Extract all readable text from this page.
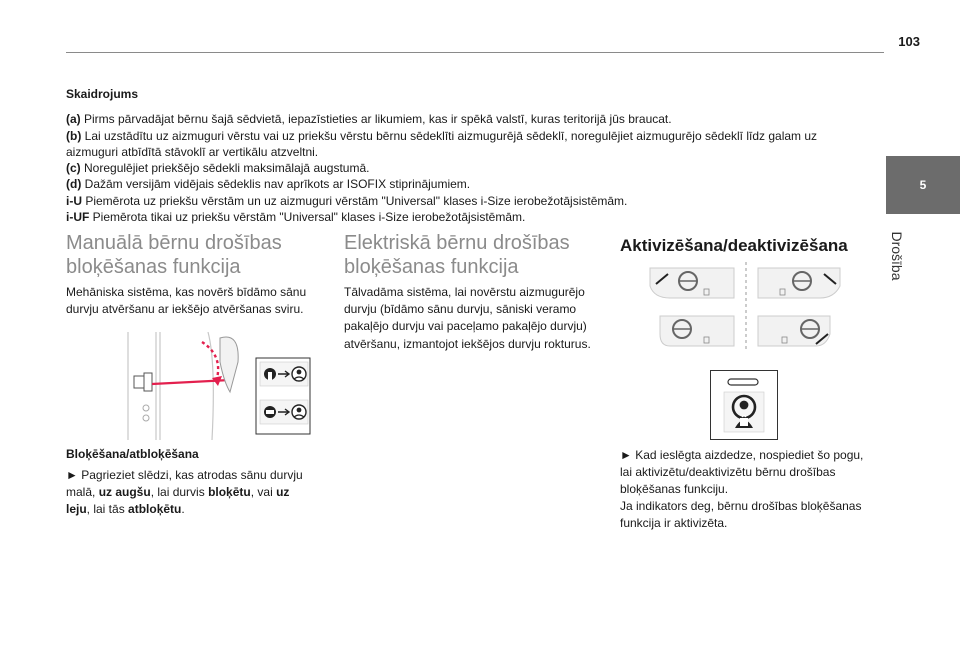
103
5
Drošība
Skaidrojums

(a) Pirms pārvadājat bērnu šajā sēdvietā, iepazīstieties ar likumiem, kas ir spēkā valstī, kuras teritorijā jūs braucat.

(b) Lai uzstādītu uz aizmuguri vērstu vai uz priekšu vērstu bērnu sēdeklīti aizmugurējā sēdeklī, noregulējiet aizmugurējo sēdeklī līdz galam uz aizmuguri atbīdītā stāvoklī ar vertikālu atzveltni.

(c) Noregulējiet priekšējo sēdekli maksimālajā augstumā.

(d) Dažām versijām vidējais sēdeklis nav aprīkots ar ISOFIX stiprinājumiem.

i-U Piemērota uz priekšu vērstām un uz aizmuguri vērstām "Universal" klases i-Size ierobežotājsistēmām.

i-UF Piemērota tikai uz priekšu vērstām "Universal" klases i-Size ierobežotājsistēmām.

Manuālā bērnu drošības
bloķēšanas funkcija
Mehāniska sistēma, kas novērš bīdāmo sānu durvju atvēršanu ar iekšējo atvēršanas sviru.
Bloķēšana/atbloķēšana
► Pagrieziet slēdzi, kas atrodas sānu durvju malā, uz augšu, lai durvis bloķētu, vai uz leju, lai tās atbloķētu.
Elektriskā bērnu drošības
bloķēšanas funkcija
Tālvadāma sistēma, lai novērstu aizmugurējo durvju (bīdāmo sānu durvju, sāniski veramo pakaļējo durvju vai paceļamo pakaļējo durvju) atvēršanu, izmantojot iekšējos durvju rokturus.
Aktivizēšana/deaktivizēšana
► Kad ieslēgta aizdedze, nospiediet šo pogu, lai aktivizētu/deaktivizētu bērnu drošības bloķēšanas funkciju.
Ja indikators deg, bērnu drošības bloķēšanas funkcija ir aktivizēta.
